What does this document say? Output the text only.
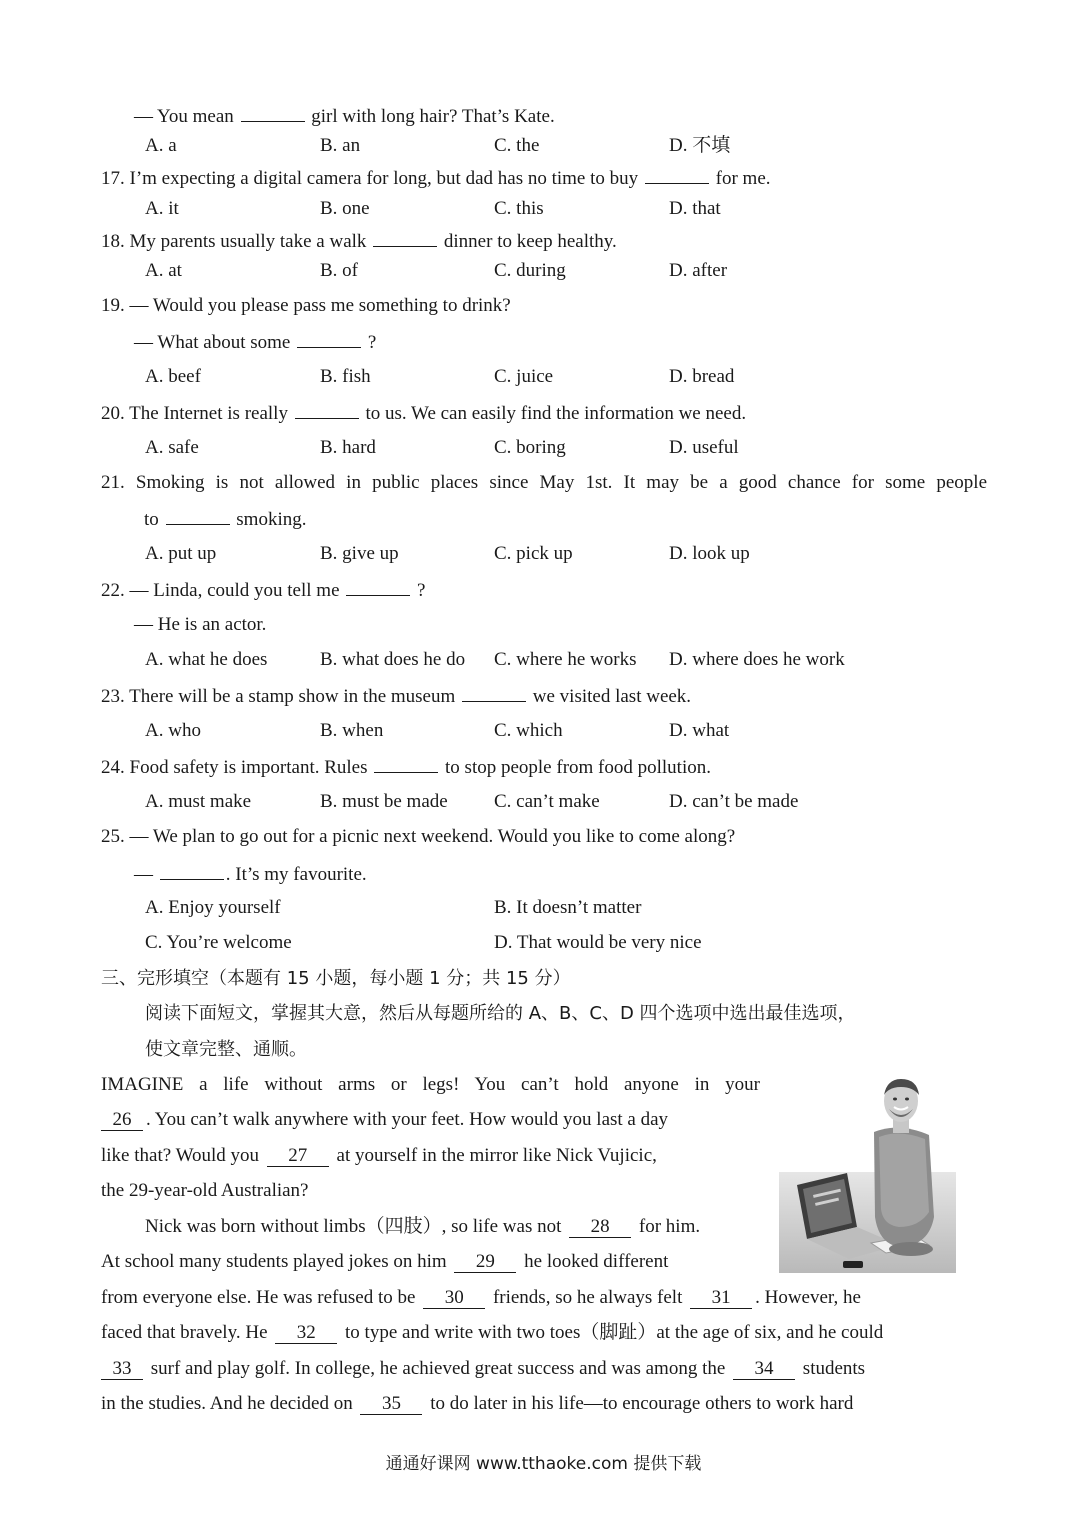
— You mean	girl with long hair? That’s Kate.
A. a	B. an	C. the	D. 不填
17. I’m expecting a digital camera for long, but dad has no time to buy	for me.
A. it	B. one	C. this	D. that
18. My parents usually take a walk	dinner to keep healthy.
A. at	B. of	C. during	D. after
19. — Would you please pass me something to drink?
— What about some	?
A. beef	B. fish	C. juice	D. bread
20. The Internet is really	to us. We can easily find the information we need.
A. safe	B. hard	C. boring	D. useful
21. Smoking is not allowed in public places since May 1st. It may be a good chance for some people
to	smoking.
A. put up	B. give up	C. pick up	D. look up
22. — Linda, could you tell me	?
— He is an actor.
A. what he does	B. what does he do C. where he works D. where does he work
23. There will be a stamp show in the museum	we visited last week.
A. who	B. when	C. which	D. what
24. Food safety is important. Rules	to stop people from food pollution.
A. must make	B. must be made C. can’t make	D. can’t be made
25. — We plan to go out for a picnic next weekend. Would you like to come along?
—	. It’s my favourite.
A. Enjoy yourself	B. It doesn’t matter
C. You’re welcome	D. That would be very nice
三、完形填空（本题有 15 小题，每小题 1 分；共 15 分）
阅读下面短文，掌握其大意，然后从每题所给的 A、B、C、D 四个选项中选出最佳选项，
使文章完整、通顺。
IMAGINE a life without arms or legs! You can’t hold anyone in your
26 . You can’t walk anywhere with your feet. How would you last a day
like that? Would you 27 at yourself in the mirror like Nick Vujicic,
the 29-year-old Australian?
Nick was born without limbs（四肢）, so life was not 28 for him.
At school many students played jokes on him 29 he looked different
from everyone else. He was refused to be 30 friends, so he always felt 31 . However, he
faced that bravely. He 32 to type and write with two toes（脚趾）at the age of six, and he could
33 surf and play golf. In college, he achieved great success and was among the 34 students
in the studies. And he decided on 35 to do later in his life—to encourage others to work hard
通通好课网 www.tthaoke.com 提供下载
